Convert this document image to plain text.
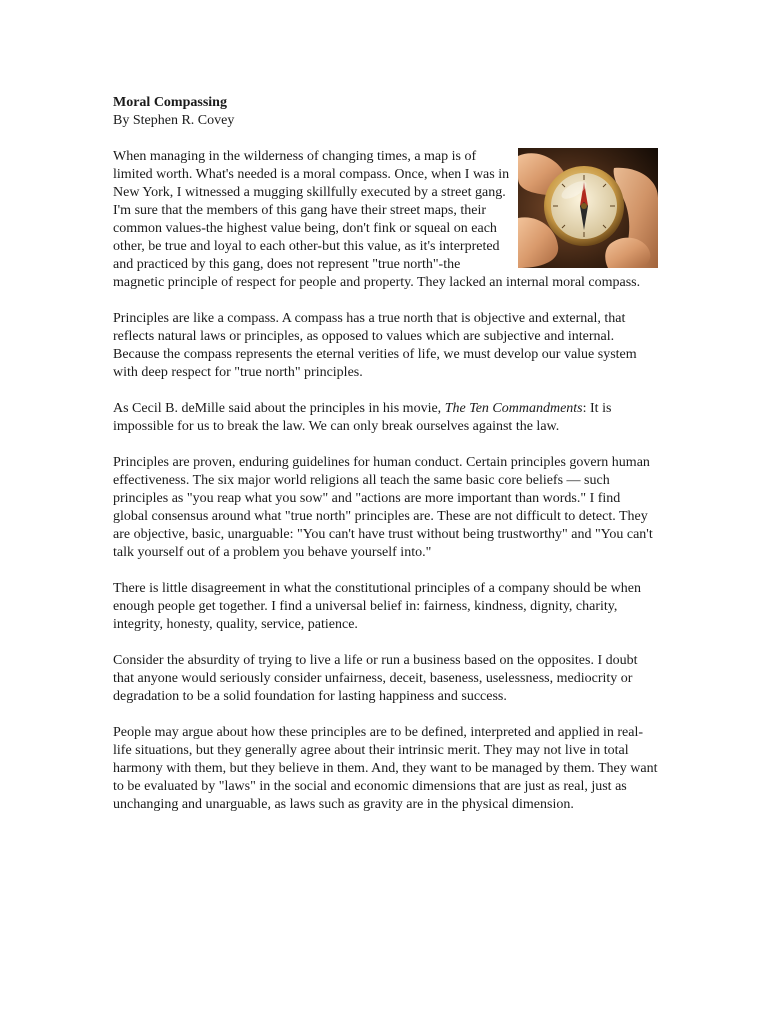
Moral Compassing
By Stephen R. Covey

When managing in the wilderness of changing times, a map is of limited worth. What's needed is a moral compass. Once, when I was in New York, I witnessed a mugging skillfully executed by a street gang. I'm sure that the members of this gang have their street maps, their common values-the highest value being, don't fink or squeal on each other, be true and loyal to each other-but this value, as it's interpreted and practiced by this gang, does not represent "true north"-the magnetic principle of respect for people and property. They lacked an internal moral compass.

Principles are like a compass. A compass has a true north that is objective and external, that reflects natural laws or principles, as opposed to values which are subjective and internal. Because the compass represents the eternal verities of life, we must develop our value system with deep respect for "true north" principles.

As Cecil B. deMille said about the principles in his movie, The Ten Commandments: It is impossible for us to break the law. We can only break ourselves against the law.

Principles are proven, enduring guidelines for human conduct. Certain principles govern human effectiveness. The six major world religions all teach the same basic core beliefs — such principles as "you reap what you sow" and "actions are more important than words." I find global consensus around what "true north" principles are. These are not difficult to detect. They are objective, basic, unarguable: "You can't have trust without being trustworthy" and "You can't talk yourself out of a problem you behave yourself into."

There is little disagreement in what the constitutional principles of a company should be when enough people get together. I find a universal belief in: fairness, kindness, dignity, charity, integrity, honesty, quality, service, patience.

Consider the absurdity of trying to live a life or run a business based on the opposites. I doubt that anyone would seriously consider unfairness, deceit, baseness, uselessness, mediocrity or degradation to be a solid foundation for lasting happiness and success.

People may argue about how these principles are to be defined, interpreted and applied in real-life situations, but they generally agree about their intrinsic merit. They may not live in total harmony with them, but they believe in them. And, they want to be managed by them. They want to be evaluated by "laws" in the social and economic dimensions that are just as real, just as unchanging and unarguable, as laws such as gravity are in the physical dimension.
